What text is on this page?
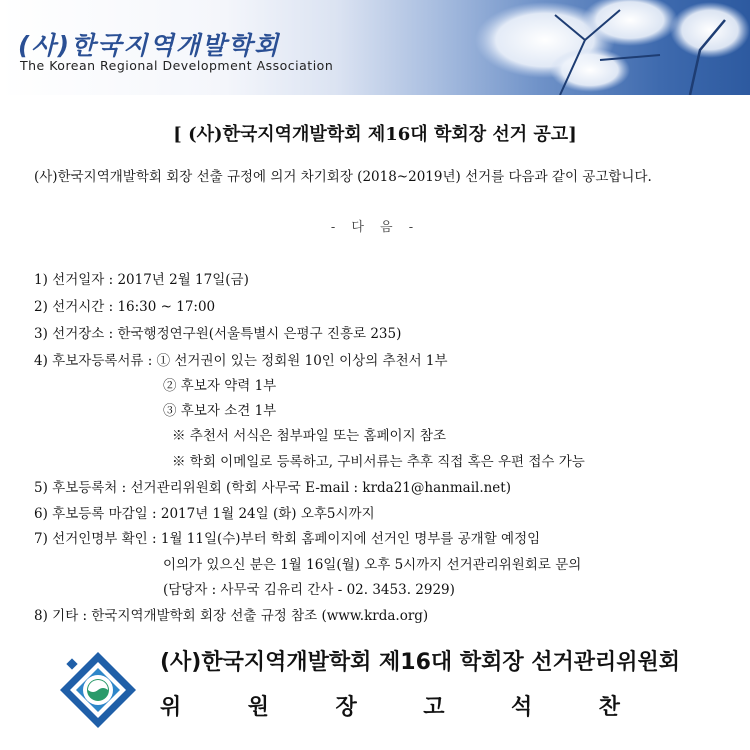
(사)한국지역개발학회
The Korean Regional Development Association
[ (사)한국지역개발학회 제16대 학회장 선거 공고]
(사)한국지역개발학회 회장 선출 규정에 의거 차기회장 (2018~2019년) 선거를 다음과 같이 공고합니다.
- 다 음 -
1) 선거일자 : 2017년 2월 17일(금)
2) 선거시간 : 16:30 ~ 17:00
3) 선거장소 : 한국행정연구원(서울특별시 은평구 진흥로 235)
4) 후보자등록서류 : ① 선거권이 있는 정회원 10인 이상의 추천서 1부
② 후보자 약력 1부
③ 후보자 소견 1부
※ 추천서 서식은 첨부파일 또는 홈페이지 참조
※ 학회 이메일로 등록하고, 구비서류는 추후 직접 혹은 우편 접수 가능
5) 후보등록처 : 선거관리위원회 (학회 사무국 E-mail : krda21@hanmail.net)
6) 후보등록 마감일 : 2017년 1월 24일 (화) 오후5시까지
7) 선거인명부 확인 : 1월 11일(수)부터 학회 홈페이지에 선거인 명부를 공개할 예정임
이의가 있으신 분은 1월 16일(월) 오후 5시까지 선거관리위원회로 문의
(담당자 : 사무국 김유리 간사 - 02. 3453. 2929)
8) 기타 : 한국지역개발학회 회장 선출 규정 참조 (www.krda.org)
(사)한국지역개발학회 제16대 학회장 선거관리위원회
위	원	장	고	석	찬
